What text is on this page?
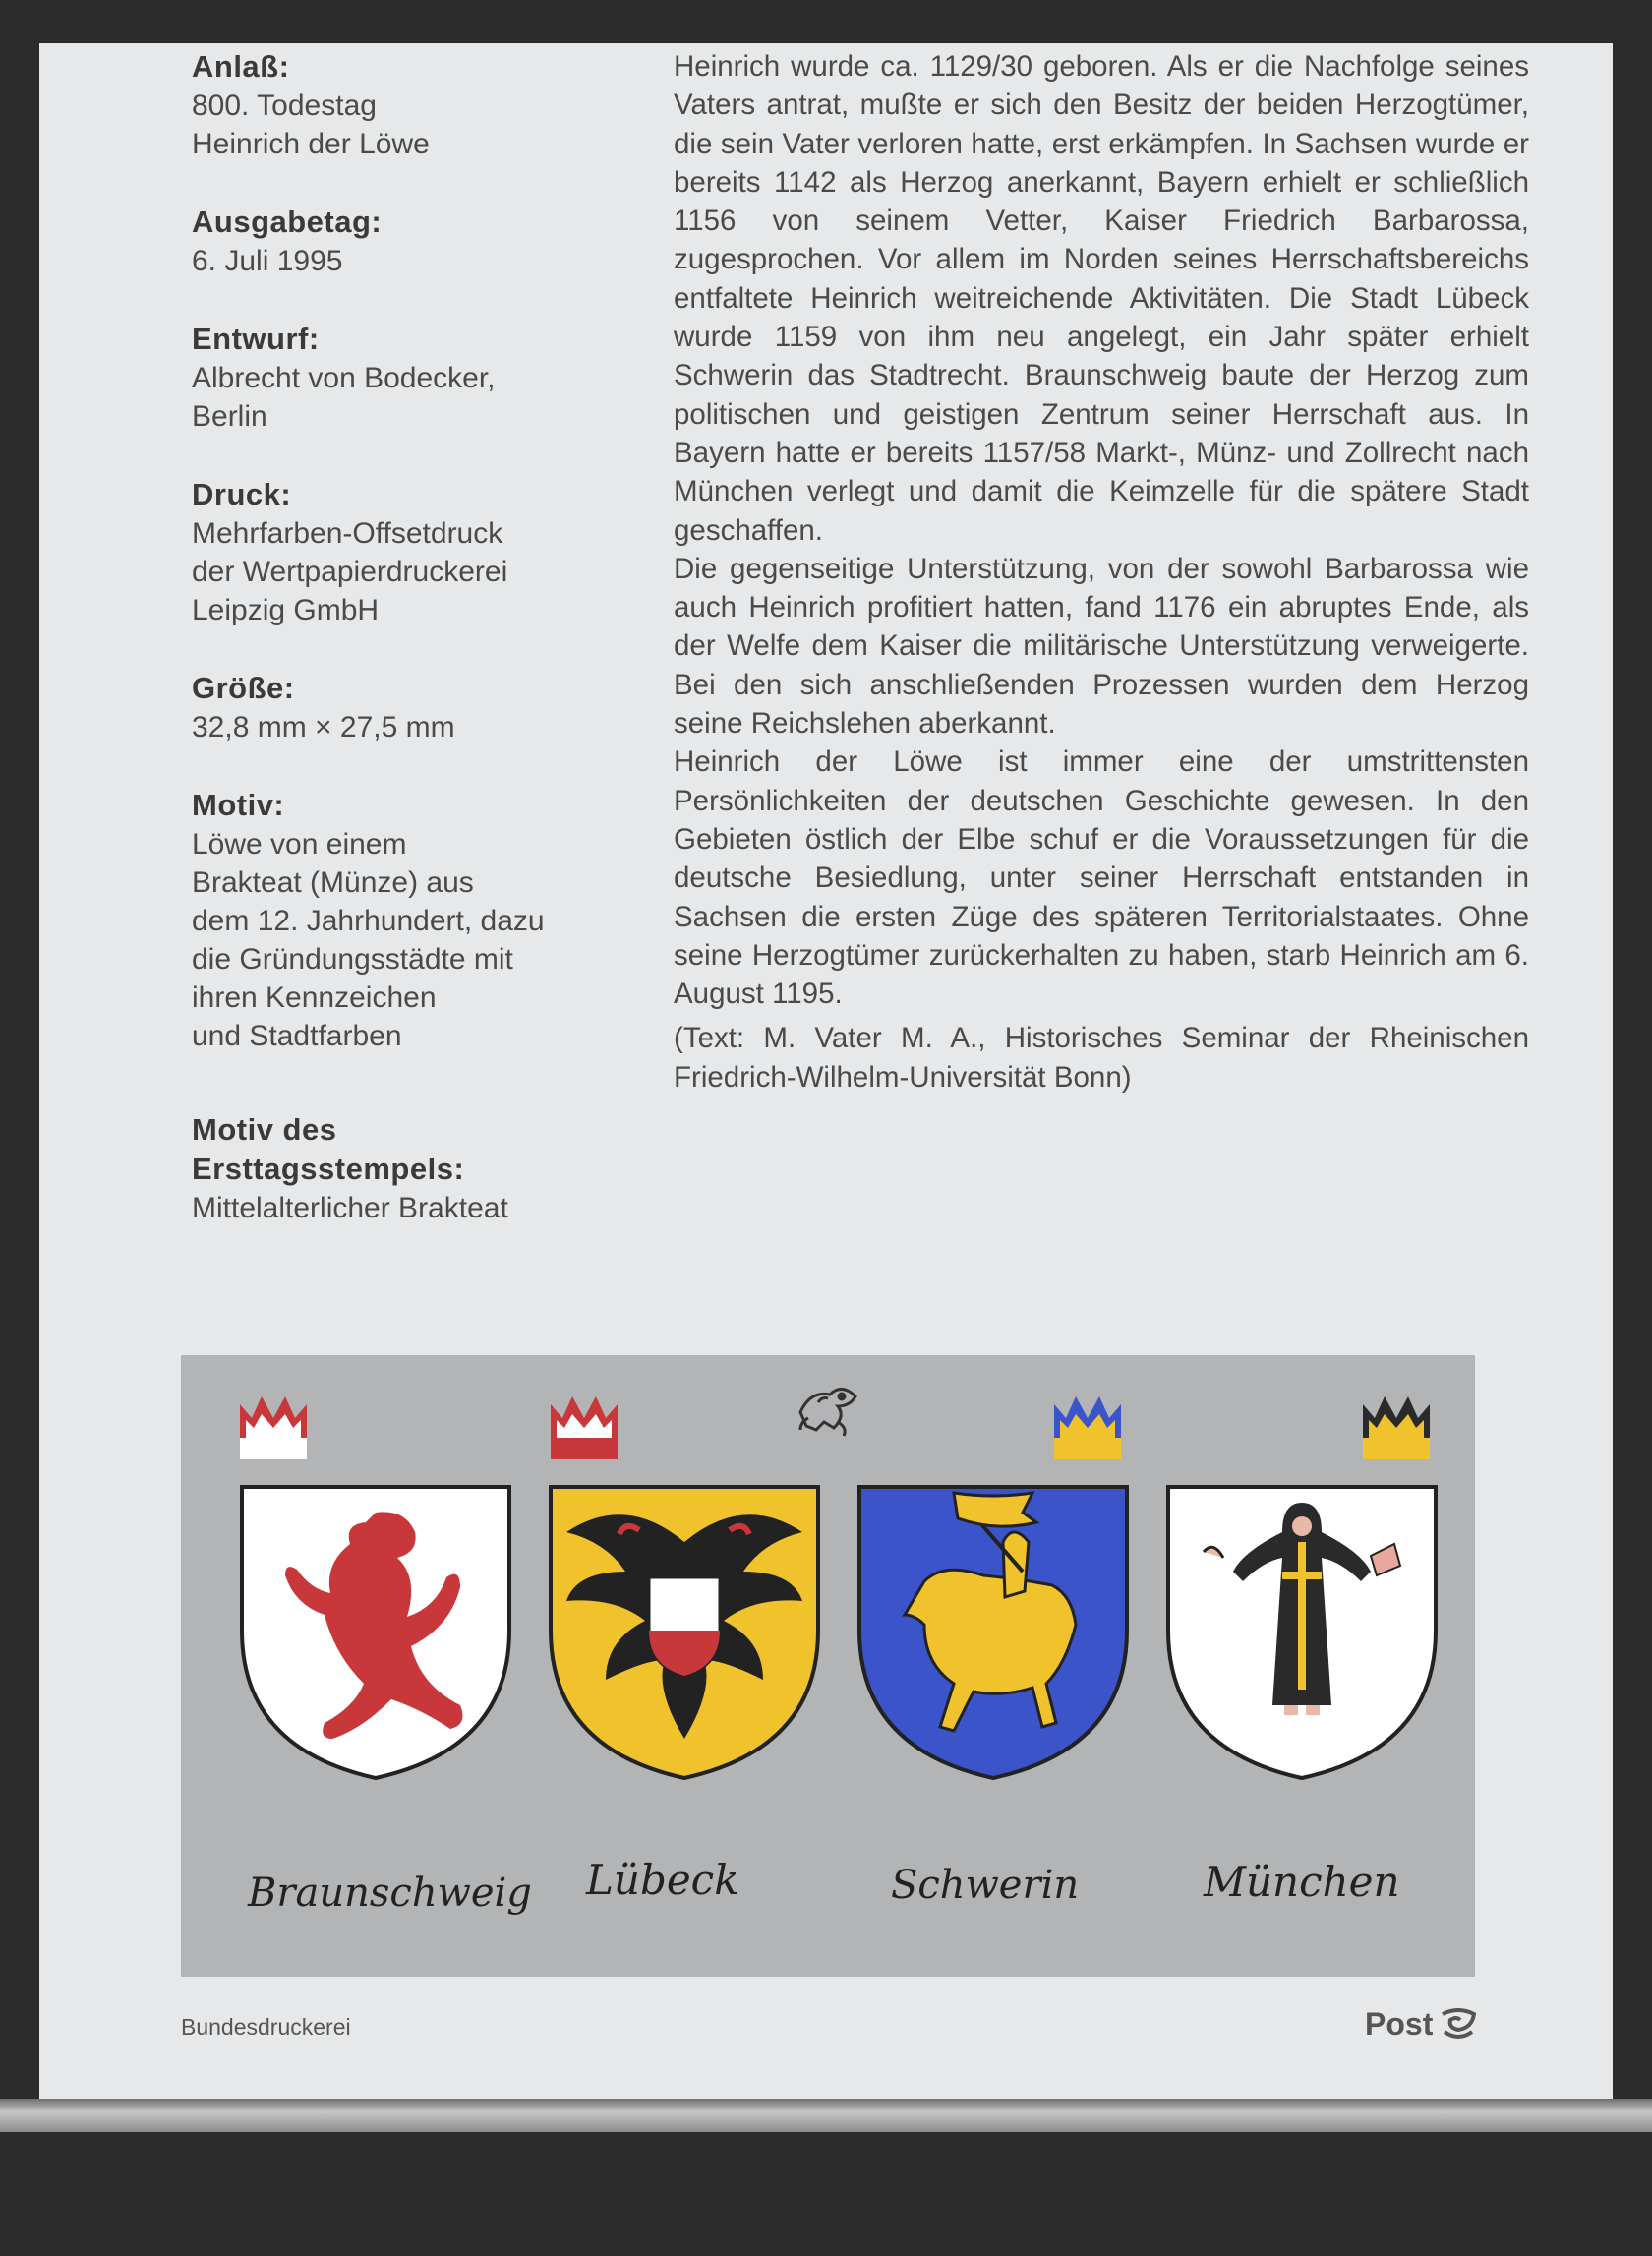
Anlaß:
800. Todestag
Heinrich der Löwe
Ausgabetag:
6. Juli 1995
Entwurf:
Albrecht von Bodecker,
Berlin
Druck:
Mehrfarben-Offsetdruck
der Wertpapierdruckerei
Leipzig GmbH
Größe:
32,8 mm × 27,5 mm
Motiv:
Löwe von einem
Brakteat (Münze) aus
dem 12. Jahrhundert, dazu
die Gründungsstädte mit
ihren Kennzeichen
und Stadtfarben
Motiv des
Ersttagsstempels:
Mittelalterlicher Brakteat

Heinrich wurde ca. 1129/30 geboren. Als er die Nachfolge seines Vaters antrat, mußte er sich den Besitz der beiden Herzogtümer, die sein Vater verloren hatte, erst erkämpfen. In Sachsen wurde er bereits 1142 als Herzog anerkannt, Bayern erhielt er schließlich 1156 von seinem Vetter, Kaiser Friedrich Barbarossa, zugesprochen. Vor allem im Norden seines Herrschaftsbereichs entfaltete Heinrich weitreichende Aktivitäten. Die Stadt Lübeck wurde 1159 von ihm neu angelegt, ein Jahr später erhielt Schwerin das Stadtrecht. Braunschweig baute der Herzog zum politischen und geistigen Zentrum seiner Herrschaft aus. In Bayern hatte er bereits 1157/58 Markt-, Münz- und Zollrecht nach München verlegt und damit die Keimzelle für die spätere Stadt geschaffen.

Die gegenseitige Unterstützung, von der sowohl Barbarossa wie auch Heinrich profitiert hatten, fand 1176 ein abruptes Ende, als der Welfe dem Kaiser die militärische Unterstützung verweigerte. Bei den sich anschließenden Prozessen wurden dem Herzog seine Reichslehen aberkannt.

Heinrich der Löwe ist immer eine der umstrittensten Persönlichkeiten der deutschen Geschichte gewesen. In den Gebieten östlich der Elbe schuf er die Voraussetzungen für die deutsche Besiedlung, unter seiner Herrschaft entstanden in Sachsen die ersten Züge des späteren Territorialstaates. Ohne seine Herzogtümer zurückerhalten zu haben, starb Heinrich am 6. August 1195.

(Text: M. Vater M. A., Historisches Seminar der Rheinischen Friedrich-Wilhelm-Universität Bonn)

Braunschweig Lübeck	Schwerin	München
Bundesdruckerei	Post
